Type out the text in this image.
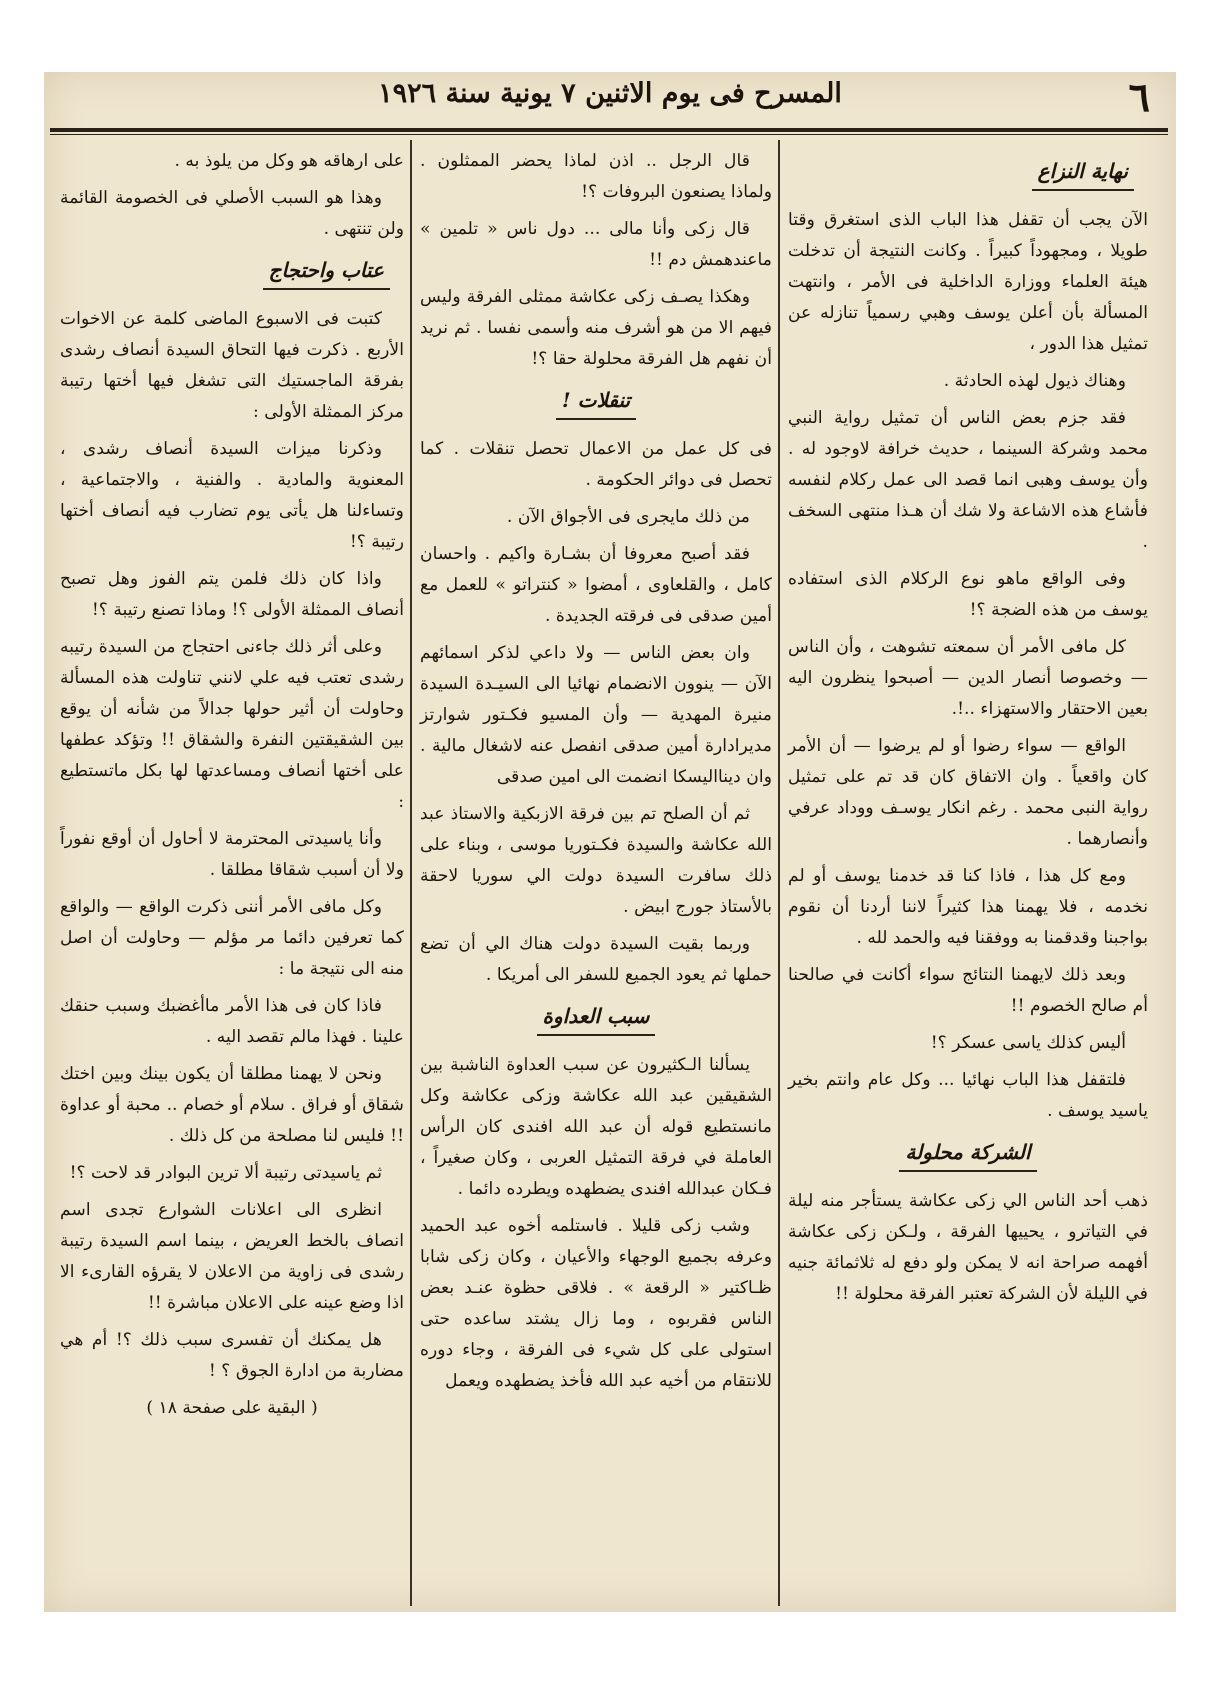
٦
المسرح فى يوم الاثنين ٧ يونية سنة ١٩٢٦
نهاية النزاع

الآن يجب أن تقفل هذا الباب الذى استغرق وقتا طويلا ، ومجهوداً كبيراً . وكانت النتيجة أن تدخلت هيئة العلماء ووزارة الداخلية فى الأمر ، وانتهت المسألة بأن أعلن يوسف وهبي رسمياً تنازله عن تمثيل هذا الدور ،

وهناك ذيول لهذه الحادثة .

فقد جزم بعض الناس أن تمثيل رواية النبي محمد وشركة السينما ، حديث خرافة لاوجود له . وأن يوسف وهبى انما قصد الى عمل ركلام لنفسه فأشاع هذه الاشاعة ولا شك أن هـذا منتهى السخف .

وفى الواقع ماهو نوع الركلام الذى استفاده يوسف من هذه الضجة ؟!

كل مافى الأمر أن سمعته تشوهت ، وأن الناس — وخصوصا أنصار الدين — أصبحوا ينظرون اليه بعين الاحتقار والاستهزاء ..!.

الواقع — سواء رضوا أو لم يرضوا — أن الأمر كان واقعياً . وان الاتفاق كان قد تم على تمثيل رواية النبى محمد . رغم انكار يوسـف ووداد عرفي وأنصارهما .

ومع كل هذا ، فاذا كنا قد خدمنا يوسف أو لم نخدمه ، فلا يهمنا هذا كثيراً لاننا أردنا أن نقوم بواجبنا وقدقمنا به ووفقنا فيه والحمد لله .

وبعد ذلك لايهمنا النتائج سواء أكانت في صالحنا أم صالح الخصوم !!

أليس كذلك ياسى عسكر ؟!

فلتقفل هذا الباب نهائيا ... وكل عام وانتم بخير ياسيد يوسف .

الشركة محلولة

ذهب أحد الناس الي زكى عكاشة يستأجر منه ليلة في التياترو ، يحييها الفرقة ، ولـكن زكى عكاشة أفهمه صراحة انه لا يمكن ولو دفع له ثلاثمائة جنيه في الليلة لأن الشركة تعتبر الفرقة محلولة !!

قال الرجل .. اذن لماذا يحضر الممثلون . ولماذا يصنعون البروفات ؟!

قال زكى وأنا مالى ... دول ناس « تلمين » ماعندهمش دم !!

وهكذا يصـف زكى عكاشة ممثلى الفرقة وليس فيهم الا من هو أشرف منه وأسمى نفسا . ثم نريد أن نفهم هل الفرقة محلولة حقا ؟!

تنقلات !

فى كل عمل من الاعمال تحصل تنقلات . كما تحصل فى دوائر الحكومة .

من ذلك مايجرى فى الأجواق الآن .

فقد أصبح معروفا أن بشـارة واكيم . واحسان كامل ، والقلعاوى ، أمضوا « كنتراتو » للعمل مع أمين صدقى فى فرقته الجديدة .

وان بعض الناس — ولا داعي لذكر اسمائهم الآن — ينوون الانضمام نهائيا الى السيـدة السيدة منيرة المهدية — وأن المسيو فكـتور شوارتز مديرادارة أمين صدقى انفصل عنه لاشغال مالية . وان دينااليسكا انضمت الى امين صدقى

ثم أن الصلح تم بين فرقة الازبكية والاستاذ عبد الله عكاشة والسيدة فكـتوريا موسى ، وبناء على ذلك سافرت السيدة دولت الي سوريا لاحقة بالأستاذ جورج ابيض .

وربما بقيت السيدة دولت هناك الي أن تضع حملها ثم يعود الجميع للسفر الى أمريكا .

سبب العداوة

يسألنا الـكثيرون عن سبب العداوة الناشبة بين الشقيقين عبد الله عكاشة وزكى عكاشة وكل مانستطيع قوله أن عبد الله افندى كان الرأس العاملة في فرقة التمثيل العربى ، وكان صغيراً ، فـكان عبدالله افندى يضطهده ويطرده دائما .

وشب زكى قليلا . فاستلمه أخوه عبد الحميد وعرفه بجميع الوجهاء والأعيان ، وكان زكى شابا ظـاكتير « الرقعة » . فلاقى حظوة عنـد بعض الناس فقربوه ، وما زال يشتد ساعده حتى استولى على كل شيء فى الفرقة ، وجاء دوره للانتقام من أخيه عبد الله فأخذ يضطهده ويعمل

على ارهاقه هو وكل من يلوذ به .

وهذا هو السبب الأصلي فى الخصومة القائمة ولن تنتهى .

عتاب واحتجاج

كتبت فى الاسبوع الماضى كلمة عن الاخوات الأربع . ذكرت فيها التحاق السيدة أنصاف رشدى بفرقة الماجستيك التى تشغل فيها أختها رتيبة مركز الممثلة الأولى :

وذكرنا ميزات السيدة أنصاف رشدى ، المعنوية والمادية . والفنية ، والاجتماعية ، وتساءلنا هل يأتى يوم تضارب فيه أنصاف أختها رتيبة ؟!

واذا كان ذلك فلمن يتم الفوز وهل تصبح أنصاف الممثلة الأولى ؟! وماذا تصنع رتيبة ؟!

وعلى أثر ذلك جاءنى احتجاج من السيدة رتيبه رشدى تعتب فيه علي لانني تناولت هذه المسألة وحاولت أن أثير حولها جدالاً من شأنه أن يوقع بين الشقيقتين النفرة والشقاق !! وتؤكد عطفها على أختها أنصاف ومساعدتها لها بكل ماتستطيع :

وأنا ياسيدتى المحترمة لا أحاول أن أوقع نفوراً ولا أن أسبب شقاقا مطلقا .

وكل مافى الأمر أننى ذكرت الواقع — والواقع كما تعرفين دائما مر مؤلم — وحاولت أن اصل منه الى نتيجة ما :

فاذا كان فى هذا الأمر ماأغضبك وسبب حنقك علينا . فهذا مالم تقصد اليه .

ونحن لا يهمنا مطلقا أن يكون بينك وبين اختك شقاق أو فراق . سلام أو خصام .. محبة أو عداوة !! فليس لنا مصلحة من كل ذلك .

ثم ياسيدتى رتيبة ألا ترين البوادر قد لاحت ؟!

انظرى الى اعلانات الشوارع تجدى اسم انصاف بالخط العريض ، بينما اسم السيدة رتيبة رشدى فى زاوية من الاعلان لا يقرؤه القارىء الا اذا وضع عينه على الاعلان مباشرة !!

هل يمكنك أن تفسرى سبب ذلك ؟! أم هي مضاربة من ادارة الجوق ؟ !

( البقية على صفحة ١٨ )
